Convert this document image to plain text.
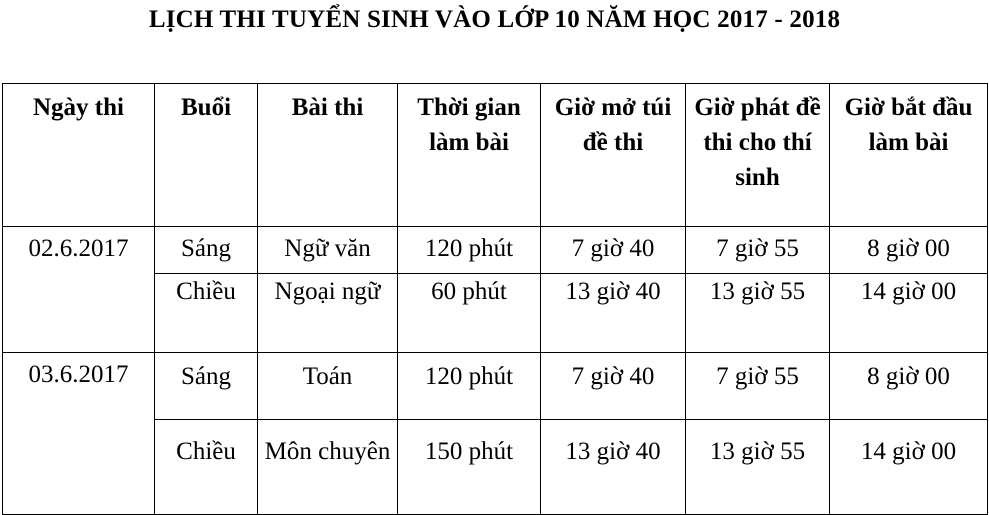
LỊCH THI TUYỂN SINH VÀO LỚP 10 NĂM HỌC 2017 - 2018
Ngày thi	Buổi	Bài thi	Thời gian làm bài	Giờ mở túi đề thi	Giờ phát đề thi cho thí sinh	Giờ bắt đầu làm bài
02.6.2017	Sáng	Ngữ văn	120 phút	7 giờ 40	7 giờ 55	8 giờ 00
	Chiều	Ngoại ngữ	60 phút	13 giờ 40	13 giờ 55	14 giờ 00
03.6.2017	Sáng	Toán	120 phút	7 giờ 40	7 giờ 55	8 giờ 00
	Chiều	Môn chuyên	150 phút	13 giờ 40	13 giờ 55	14 giờ 00
